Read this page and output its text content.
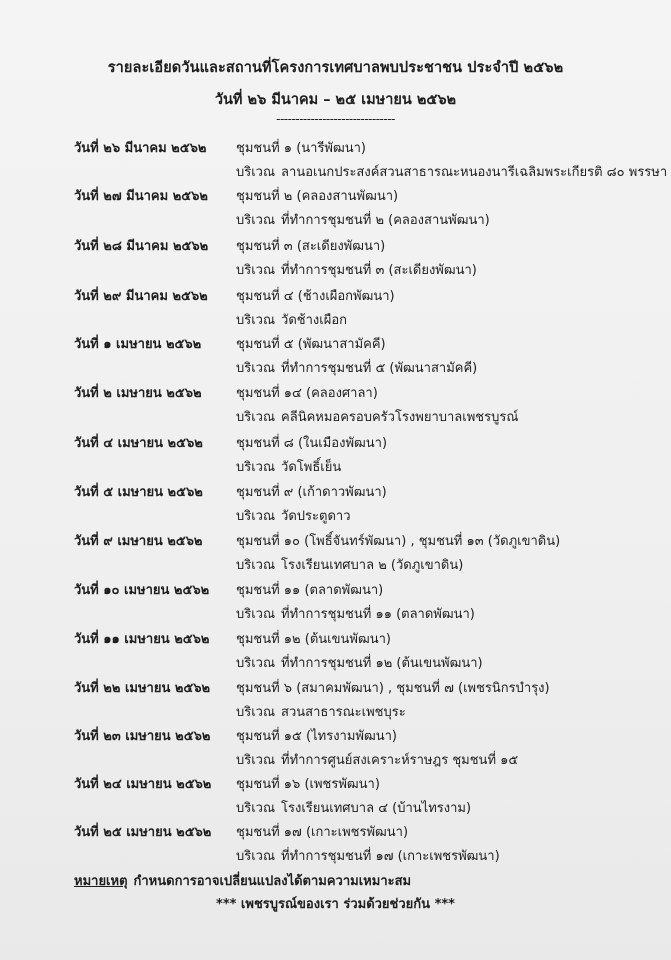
รายละเอียดวันและสถานที่โครงการเทศบาลพบประชาชน ประจำปี ๒๕๖๒
วันที่ ๒๖ มีนาคม – ๒๕ เมษายน ๒๕๖๒
-------------------------------
วันที่ ๒๖ มีนาคม ๒๕๖๒	ชุมชนที่ ๑ (นารีพัฒนา)
บริเวณ ลานอเนกประสงค์สวนสาธารณะหนองนารีเฉลิมพระเกียรติ ๘๐ พรรษา
วันที่ ๒๗ มีนาคม ๒๕๖๒	ชุมชนที่ ๒ (คลองสานพัฒนา)
บริเวณ ที่ทำการชุมชนที่ ๒ (คลองสานพัฒนา)
วันที่ ๒๘ มีนาคม ๒๕๖๒	ชุมชนที่ ๓ (สะเดียงพัฒนา)
บริเวณ ที่ทำการชุมชนที่ ๓ (สะเดียงพัฒนา)
วันที่ ๒๙ มีนาคม ๒๕๖๒	ชุมชนที่ ๔ (ช้างเผือกพัฒนา)
บริเวณ วัดช้างเผือก
วันที่ ๑ เมษายน ๒๕๖๒	ชุมชนที่ ๕ (พัฒนาสามัคคี)
บริเวณ ที่ทำการชุมชนที่ ๕ (พัฒนาสามัคคี)
วันที่ ๒ เมษายน ๒๕๖๒	ชุมชนที่ ๑๔ (คลองศาลา)
บริเวณ คลีนิคหมอครอบครัวโรงพยาบาลเพชรบูรณ์
วันที่ ๔ เมษายน ๒๕๖๒	ชุมชนที่ ๘ (ในเมืองพัฒนา)
บริเวณ วัดโพธิ์เย็น
วันที่ ๕ เมษายน ๒๕๖๒	ชุมชนที่ ๙ (เก้าดาวพัฒนา)
บริเวณ วัดประตูดาว
วันที่ ๙ เมษายน ๒๕๖๒	ชุมชนที่ ๑๐ (โพธิ์จันทร์พัฒนา) , ชุมชนที่ ๑๓ (วัดภูเขาดิน)
บริเวณ โรงเรียนเทศบาล ๒ (วัดภูเขาดิน)
วันที่ ๑๐ เมษายน ๒๕๖๒	ชุมชนที่ ๑๑ (ตลาดพัฒนา)
บริเวณ ที่ทำการชุมชนที่ ๑๑ (ตลาดพัฒนา)
วันที่ ๑๑ เมษายน ๒๕๖๒	ชุมชนที่ ๑๒ (ต้นเขนพัฒนา)
บริเวณ ที่ทำการชุมชนที่ ๑๒ (ต้นเขนพัฒนา)
วันที่ ๒๒ เมษายน ๒๕๖๒	ชุมชนที่ ๖ (สมาคมพัฒนา) , ชุมชนที่ ๗ (เพชรนิกรบำรุง)
บริเวณ สวนสาธารณะเพชบุระ
วันที่ ๒๓ เมษายน ๒๕๖๒	ชุมชนที่ ๑๕ (ไทรงามพัฒนา)
บริเวณ ที่ทำการศูนย์สงเคราะห์ราษฎร ชุมชนที่ ๑๕
วันที่ ๒๔ เมษายน ๒๕๖๒	ชุมชนที่ ๑๖ (เพชรพัฒนา)
บริเวณ โรงเรียนเทศบาล ๔ (บ้านไทรงาม)
วันที่ ๒๕ เมษายน ๒๕๖๒	ชุมชนที่ ๑๗ (เกาะเพชรพัฒนา)
บริเวณ ที่ทำการชุมชนที่ ๑๗ (เกาะเพชรพัฒนา)
หมายเหตุ กำหนดการอาจเปลี่ยนแปลงได้ตามความเหมาะสม
*** เพชรบูรณ์ของเรา ร่วมด้วยช่วยกัน ***
